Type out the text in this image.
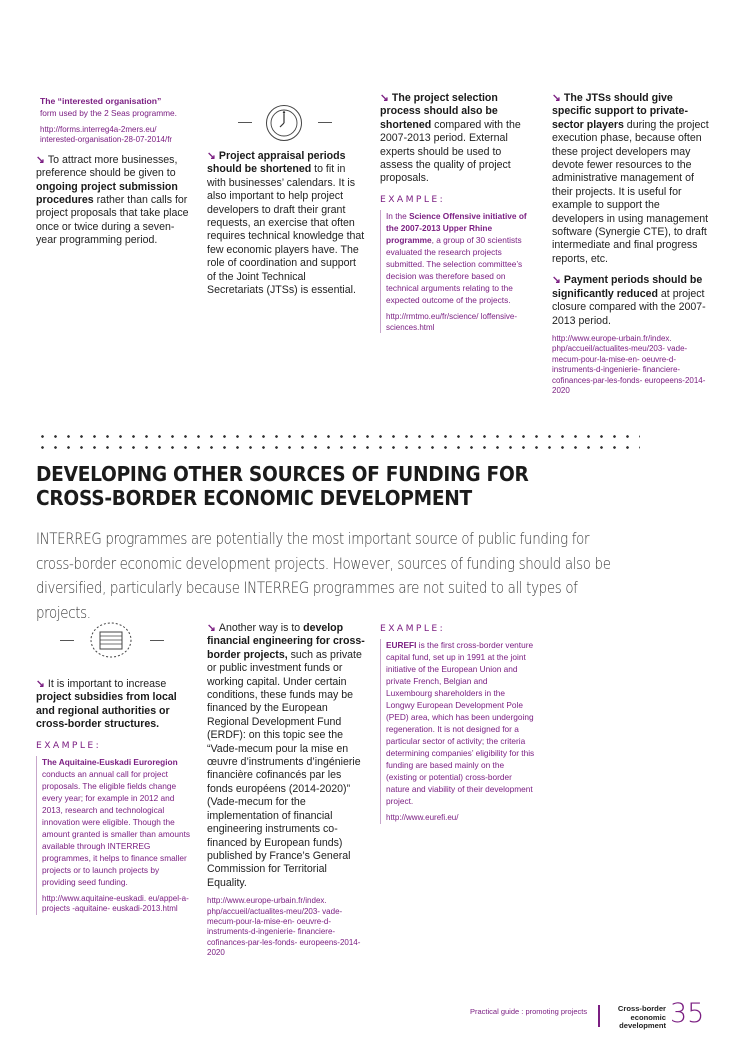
The “interested organisation”

form used by the 2 Seas programme.

http://forms.interreg4a-2mers.eu/ interested-organisation-28-07-2014/fr

↘ To attract more businesses, preference should be given to ongoing project submission procedures rather than calls for project proposals that take place once or twice during a seven-year programming period.

↘ Project appraisal periods should be shortened to fit in with businesses’ calendars. It is also important to help project developers to draft their grant requests, an exercise that often requires technical knowledge that few economic players have. The role of coordination and support of the Joint Technical Secretariats (JTSs) is essential.

↘ The project selection process should also be shortened compared with the 2007-2013 period. External experts should be used to assess the quality of project proposals.

EXAMPLE:

In the Science Offensive initiative of the 2007-2013 Upper Rhine programme, a group of 30 scientists evaluated the research projects submitted. The selection committee’s decision was therefore based on technical arguments relating to the expected outcome of the projects.

http://rmtmo.eu/fr/science/ loffensive-sciences.html

↘ The JTSs should give specific support to private-sector players during the project execution phase, because often these project developers may devote fewer resources to the administrative management of their projects. It is useful for example to support the developers in using management software (Synergie CTE), to draft intermediate and final progress reports, etc.

↘ Payment periods should be significantly reduced at project closure compared with the 2007-2013 period.

http://www.europe-urbain.fr/index. php/accueil/actualites-meu/203- vade-mecum-pour-la-mise-en- oeuvre-d-instruments-d-ingenierie- financiere-cofinances-par-les-fonds- europeens-2014-2020

DEVELOPING OTHER SOURCES OF FUNDING FOR
CROSS-BORDER ECONOMIC DEVELOPMENT
INTERREG programmes are potentially the most important source of public funding for cross-border economic development projects. However, sources of funding should also be diversified, particularly because INTERREG programmes are not suited to all types of projects.

↘ It is important to increase project subsidies from local and regional authorities or cross-border structures.

EXAMPLE:

The Aquitaine-Euskadi Euroregion conducts an annual call for project proposals. The eligible fields change every year; for example in 2012 and 2013, research and technological innovation were eligible. Though the amount granted is smaller than amounts available through INTERREG programmes, it helps to finance smaller projects or to launch projects by providing seed funding.

http://www.aquitaine-euskadi. eu/appel-a-projects -aquitaine- euskadi-2013.html

↘ Another way is to develop financial engineering for cross-border projects, such as private or public investment funds or working capital. Under certain conditions, these funds may be financed by the European Regional Development Fund (ERDF): on this topic see the “Vade-mecum pour la mise en œuvre d’instruments d’ingénierie financière cofinancés par les fonds européens (2014-2020)” (Vade-mecum for the implementation of financial engineering instruments co-financed by European funds) published by France’s General Commission for Territorial Equality.

http://www.europe-urbain.fr/index. php/accueil/actualites-meu/203- vade-mecum-pour-la-mise-en- oeuvre-d-instruments-d-ingenierie- financiere-cofinances-par-les-fonds- europeens-2014-2020

EXAMPLE:

EUREFI is the first cross-border venture capital fund, set up in 1991 at the joint initiative of the European Union and private French, Belgian and Luxembourg shareholders in the Longwy European Development Pole (PED) area, which has been undergoing regeneration. It is not designed for a particular sector of activity; the criteria determining companies’ eligibility for this funding are based mainly on the (existing or potential) cross-border nature and viability of their development project.

http://www.eurefi.eu/

Practical guide : promoting projects	Cross-border
economic
development 35
